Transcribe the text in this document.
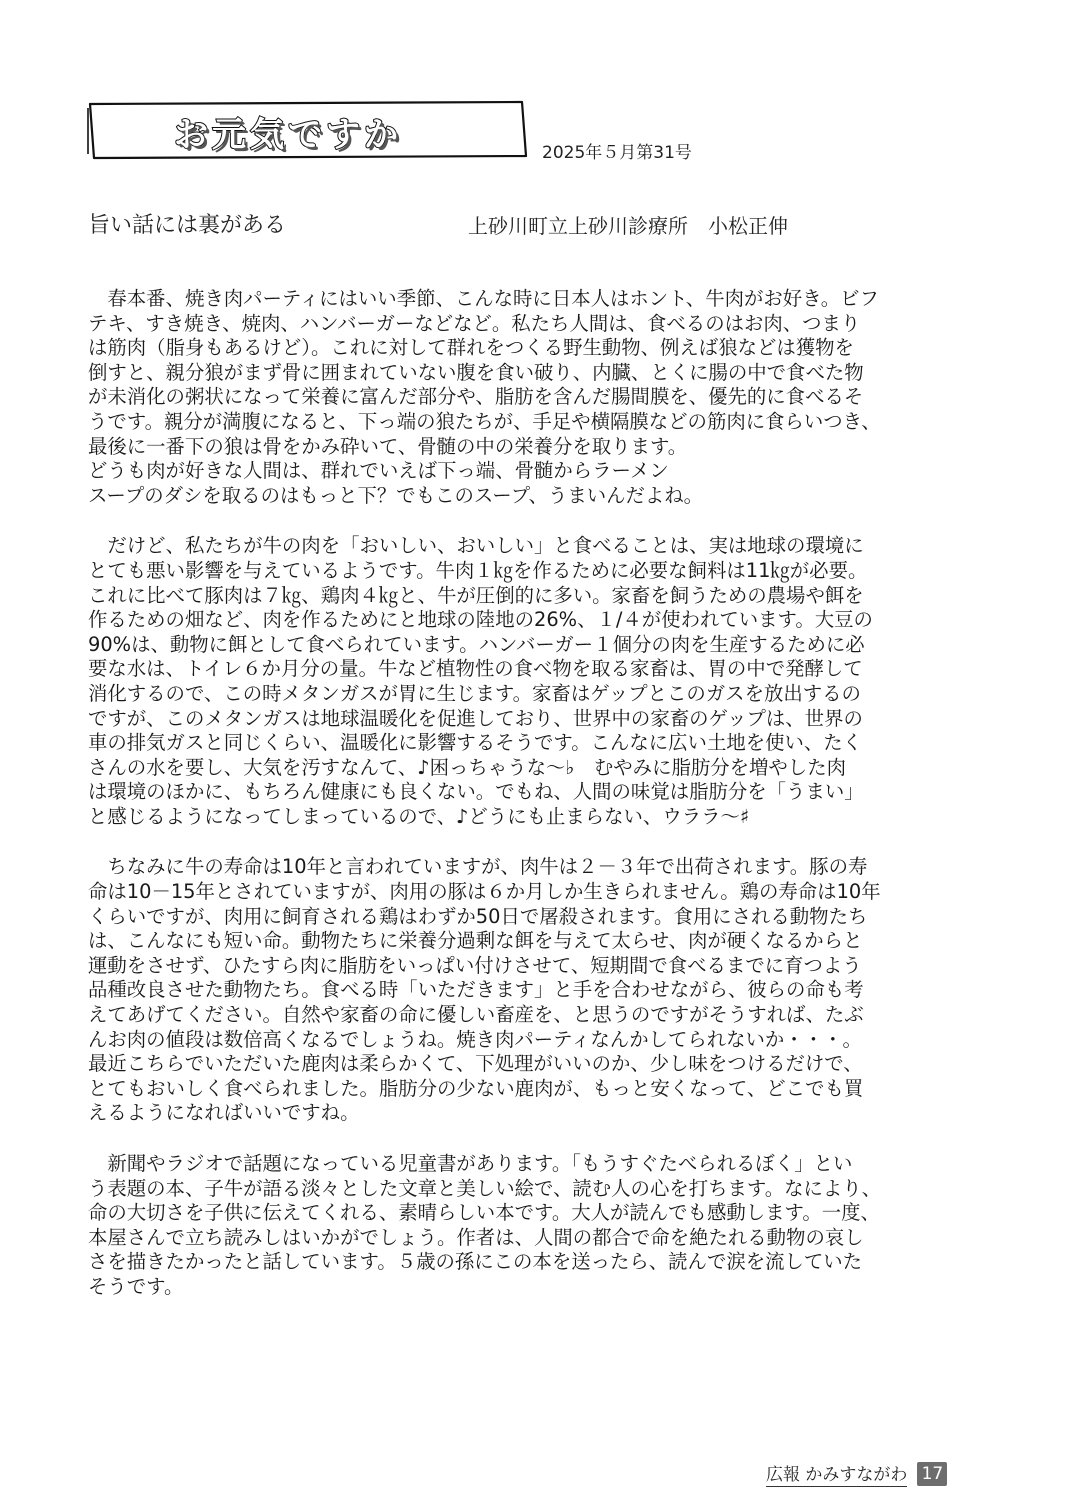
お元気ですか	2025年５月第31号
旨い話には裏がある	上砂川町立上砂川診療所　小松正伸
　春本番、焼き肉パーティにはいい季節、こんな時に日本人はホント、牛肉がお好き。ビフ
テキ、すき焼き、焼肉、ハンバーガーなどなど。私たち人間は、食べるのはお肉、つまり
は筋肉（脂身もあるけど）。これに対して群れをつくる野生動物、例えば狼などは獲物を
倒すと、親分狼がまず骨に囲まれていない腹を食い破り、内臓、とくに腸の中で食べた物
が未消化の粥状になって栄養に富んだ部分や、脂肪を含んだ腸間膜を、優先的に食べるそ
うです。親分が満腹になると、下っ端の狼たちが、手足や横隔膜などの筋肉に食らいつき、
最後に一番下の狼は骨をかみ砕いて、骨髄の中の栄養分を取ります。
どうも肉が好きな人間は、群れでいえば下っ端、骨髄からラーメン
スープのダシを取るのはもっと下？でもこのスープ、うまいんだよね。
　だけど、私たちが牛の肉を「おいしい、おいしい」と食べることは、実は地球の環境に
とても悪い影響を与えているようです。牛肉１㎏を作るために必要な飼料は11㎏が必要。
これに比べて豚肉は７㎏、鶏肉４㎏と、牛が圧倒的に多い。家畜を飼うための農場や餌を
作るための畑など、肉を作るためにと地球の陸地の26%、１/４が使われています。大豆の
90%は、動物に餌として食べられています。ハンバーガー１個分の肉を生産するために必
要な水は、トイレ６か月分の量。牛など植物性の食べ物を取る家畜は、胃の中で発酵して
消化するので、この時メタンガスが胃に生じます。家畜はゲップとこのガスを放出するの
ですが、このメタンガスは地球温暖化を促進しており、世界中の家畜のゲップは、世界の
車の排気ガスと同じくらい、温暖化に影響するそうです。こんなに広い土地を使い、たく
さんの水を要し、大気を汚すなんて、♪困っちゃうな～♭　むやみに脂肪分を増やした肉
は環境のほかに、もちろん健康にも良くない。でもね、人間の味覚は脂肪分を「うまい」
と感じるようになってしまっているので、♪どうにも止まらない、ウララ～♯
　ちなみに牛の寿命は10年と言われていますが、肉牛は２－３年で出荷されます。豚の寿
命は10－15年とされていますが、肉用の豚は６か月しか生きられません。鶏の寿命は10年
くらいですが、肉用に飼育される鶏はわずか50日で屠殺されます。食用にされる動物たち
は、こんなにも短い命。動物たちに栄養分過剰な餌を与えて太らせ、肉が硬くなるからと
運動をさせず、ひたすら肉に脂肪をいっぱい付けさせて、短期間で食べるまでに育つよう
品種改良させた動物たち。食べる時「いただきます」と手を合わせながら、彼らの命も考
えてあげてください。自然や家畜の命に優しい畜産を、と思うのですがそうすれば、たぶ
んお肉の値段は数倍高くなるでしょうね。焼き肉パーティなんかしてられないか・・・。
最近こちらでいただいた鹿肉は柔らかくて、下処理がいいのか、少し味をつけるだけで、
とてもおいしく食べられました。脂肪分の少ない鹿肉が、もっと安くなって、どこでも買
えるようになればいいですね。
　新聞やラジオで話題になっている児童書があります。「もうすぐたべられるぼく」とい
う表題の本、子牛が語る淡々とした文章と美しい絵で、読む人の心を打ちます。なにより、
命の大切さを子供に伝えてくれる、素晴らしい本です。大人が読んでも感動します。一度、
本屋さんで立ち読みしはいかがでしょう。作者は、人間の都合で命を絶たれる動物の哀し
さを描きたかったと話しています。５歳の孫にこの本を送ったら、読んで涙を流していた
そうです。
広報 かみすながわ 17
